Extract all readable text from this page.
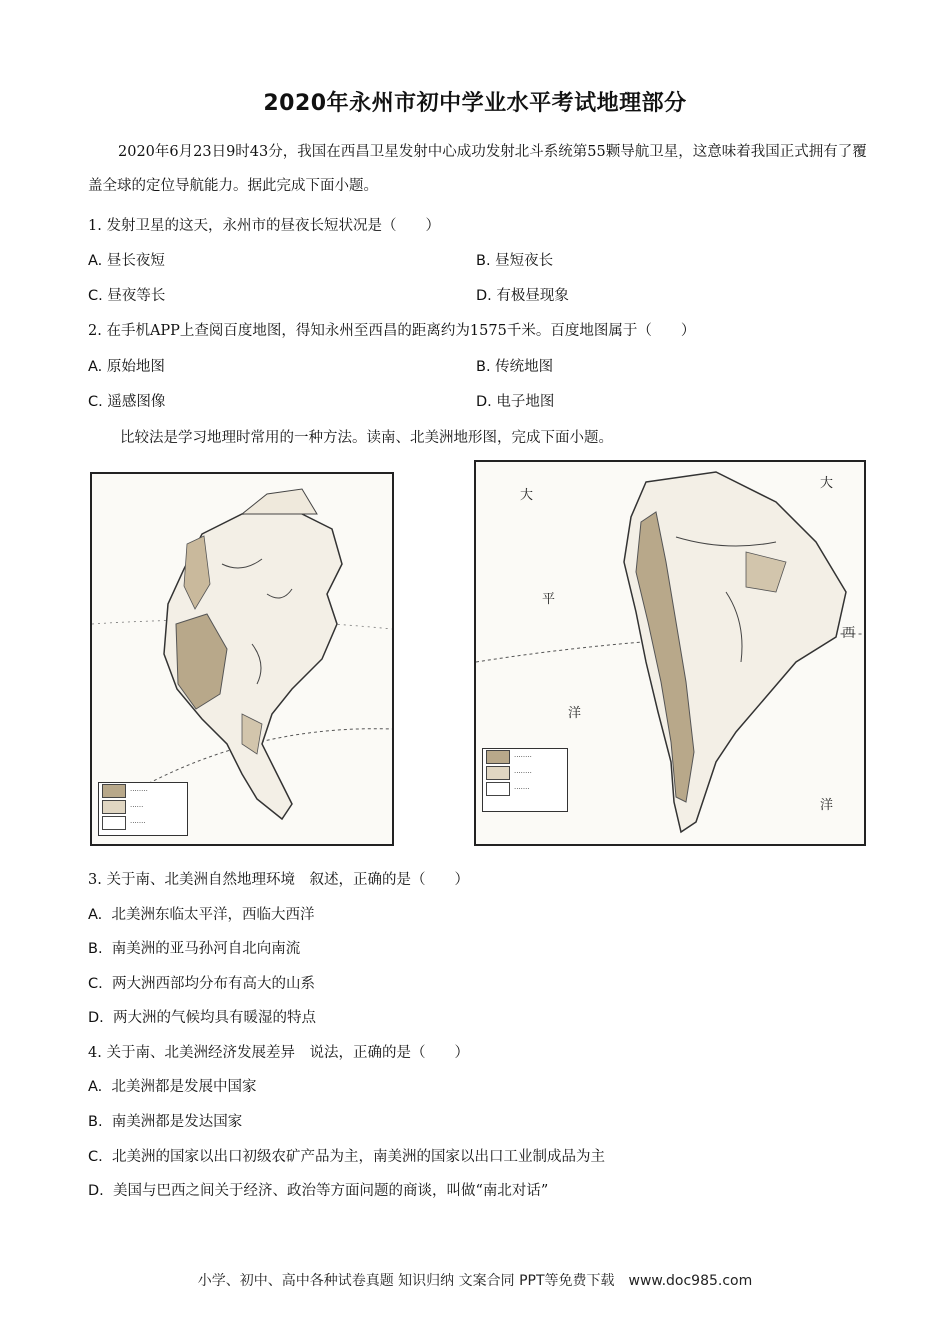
2020年永州市初中学业水平考试地理部分
2020年6月23日9时43分，我国在西昌卫星发射中心成功发射北斗系统第55颗导航卫星，这意味着我国正式拥有了覆盖全球的定位导航能力。据此完成下面小题。
1. 发射卫星的这天，永州市的昼夜长短状况是（　　）
A. 昼长夜短	B. 昼短夜长
C. 昼夜等长	D. 有极昼现象
2. 在手机APP上查阅百度地图，得知永州至西昌的距离约为1575千米。百度地图属于（　　）
A. 原始地图	B. 传统地图
C. 遥感图像	D. 电子地图
比较法是学习地理时常用的一种方法。读南、北美洲地形图，完成下面小题。
········
······
·······
大
平
洋
大
西
洋
········
········
·······
3. 关于南、北美洲自然地理环境　叙述，正确的是（　　）
A. 北美洲东临太平洋，西临大西洋
B. 南美洲的亚马孙河自北向南流
C. 两大洲西部均分布有高大的山系
D. 两大洲的气候均具有暖湿的特点
4. 关于南、北美洲经济发展差异　说法，正确的是（　　）
A. 北美洲都是发展中国家
B. 南美洲都是发达国家
C. 北美洲的国家以出口初级农矿产品为主，南美洲的国家以出口工业制成品为主
D. 美国与巴西之间关于经济、政治等方面问题的商谈，叫做“南北对话”
小学、初中、高中各种试卷真题 知识归纳 文案合同 PPT等免费下载　www.doc985.com
